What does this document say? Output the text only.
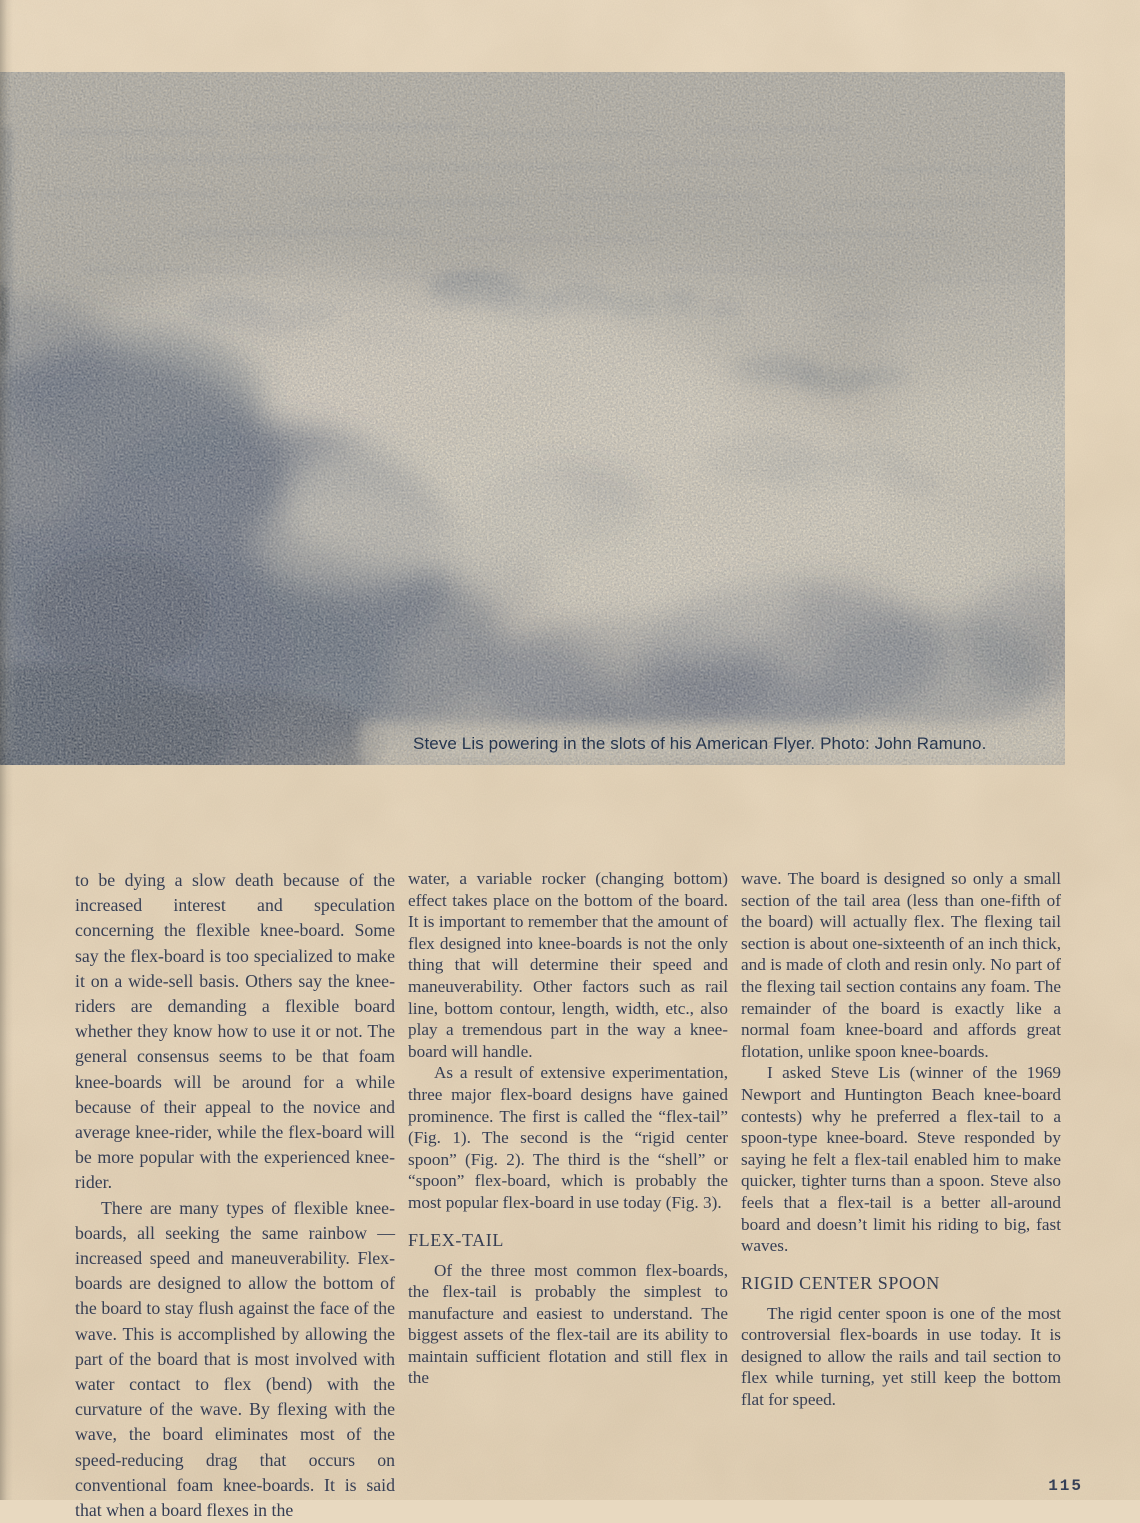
Steve Lis powering in the slots of his American Flyer. Photo: John Ramuno.

to be dying a slow death because of the increased interest and speculation concerning the flexible knee-board. Some say the flex-board is too specialized to make it on a wide-sell basis. Others say the knee-riders are demanding a flexible board whether they know how to use it or not. The general consensus seems to be that foam knee-boards will be around for a while because of their appeal to the novice and average knee-rider, while the flex-board will be more popular with the experienced knee-rider.

There are many types of flexible knee-boards, all seeking the same rainbow — increased speed and maneuverability. Flex-boards are designed to allow the bottom of the board to stay flush against the face of the wave. This is accomplished by allowing the part of the board that is most involved with water contact to flex (bend) with the curvature of the wave. By flexing with the wave, the board eliminates most of the speed-reducing drag that occurs on conventional foam knee-boards. It is said that when a board flexes in the

water, a variable rocker (changing bottom) effect takes place on the bottom of the board. It is important to remember that the amount of flex designed into knee-boards is not the only thing that will determine their speed and maneuverability. Other factors such as rail line, bottom contour, length, width, etc., also play a tremendous part in the way a knee-board will handle.

As a result of extensive experimentation, three major flex-board designs have gained prominence. The first is called the “flex-tail” (Fig. 1). The second is the “rigid center spoon” (Fig. 2). The third is the “shell” or “spoon” flex-board, which is probably the most popular flex-board in use today (Fig. 3).

FLEX-TAIL

Of the three most common flex-boards, the flex-tail is probably the simplest to manufacture and easiest to understand. The biggest assets of the flex-tail are its ability to maintain sufficient flotation and still flex in the

wave. The board is designed so only a small section of the tail area (less than one-fifth of the board) will actually flex. The flexing tail section is about one-sixteenth of an inch thick, and is made of cloth and resin only. No part of the flexing tail section contains any foam. The remainder of the board is exactly like a normal foam knee-board and affords great flotation, unlike spoon knee-boards.

I asked Steve Lis (winner of the 1969 Newport and Huntington Beach knee-board contests) why he preferred a flex-tail to a spoon-type knee-board. Steve responded by saying he felt a flex-tail enabled him to make quicker, tighter turns than a spoon. Steve also feels that a flex-tail is a better all-around board and doesn’t limit his riding to big, fast waves.

RIGID CENTER SPOON

The rigid center spoon is one of the most controversial flex-boards in use today. It is designed to allow the rails and tail section to flex while turning, yet still keep the bottom flat for speed.

115
